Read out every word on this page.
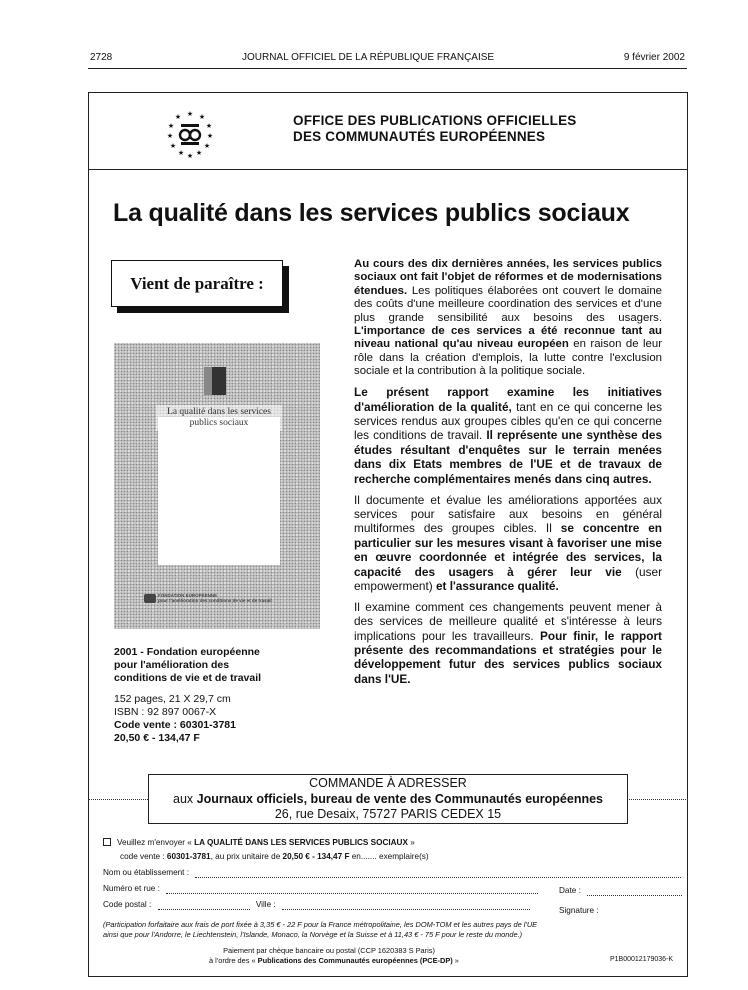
2728	JOURNAL OFFICIEL DE LA RÉPUBLIQUE FRANÇAISE	9 février 2002
★
★	★
★	★
★	★
★	★
★ ★
★
OFFICE DES PUBLICATIONS OFFICIELLES
DES COMMUNAUTÉS EUROPÉENNES
La qualité dans les services publics sociaux
Vient de paraître :
La qualité dans les services
publics sociaux
FONDATION EUROPÉENNE
pour l'amélioration des conditions de vie et de travail
2001 - Fondation européenne
pour l'amélioration des
conditions de vie et de travail
152 pages, 21 X 29,7 cm
ISBN : 92 897 0067-X
Code vente : 60301-3781
20,50 € - 134,47 F

Au cours des dix dernières années, les services publics sociaux ont fait l'objet de réformes et de modernisations étendues. Les politiques élaborées ont couvert le domaine des coûts d'une meilleure coordination des services et d'une plus grande sensibilité aux besoins des usagers. L'importance de ces services a été reconnue tant au niveau national qu'au niveau européen en raison de leur rôle dans la création d'emplois, la lutte contre l'exclusion sociale et la contribution à la politique sociale.

Le présent rapport examine les initiatives d'amélioration de la qualité, tant en ce qui concerne les services rendus aux groupes cibles qu'en ce qui concerne les conditions de travail. Il représente une synthèse des études résultant d'enquêtes sur le terrain menées dans dix Etats membres de l'UE et de travaux de recherche complémentaires menés dans cinq autres.

Il documente et évalue les améliorations apportées aux services pour satisfaire aux besoins en général multiformes des groupes cibles. Il se concentre en particulier sur les mesures visant à favoriser une mise en œuvre coordonnée et intégrée des services, la capacité des usagers à gérer leur vie (user empowerment) et l'assurance qualité.

Il examine comment ces changements peuvent mener à des services de meilleure qualité et s'intéresse à leurs implications pour les travailleurs. Pour finir, le rapport présente des recommandations et stratégies pour le développement futur des services publics sociaux dans l'UE.

COMMANDE À ADRESSER
aux Journaux officiels, bureau de vente des Communautés européennes
26, rue Desaix, 75727 PARIS CEDEX 15
Veuillez m'envoyer « LA QUALITÉ DANS LES SERVICES PUBLICS SOCIAUX »
code vente : 60301-3781, au prix unitaire de 20,50 € - 134,47 F en....... exemplaire(s)
Nom ou établissement :
Numéro et rue :	Date :
Code postal :	Ville :
Signature :
(Participation forfaitaire aux frais de port fixée à 3,35 € - 22 F pour la France métropolitaine, les DOM-TOM et les autres pays de l'UE
ainsi que pour l'Andorre, le Liechtenstein, l'Islande, Monaco, la Norvège et la Suisse et à 11,43 € - 75 F pour le reste du monde.)
Paiement par chèque bancaire ou postal (CCP 1620383 S Paris)
à l'ordre des « Publications des Communautés européennes (PCE-DP) »	P1B00012179036-K
